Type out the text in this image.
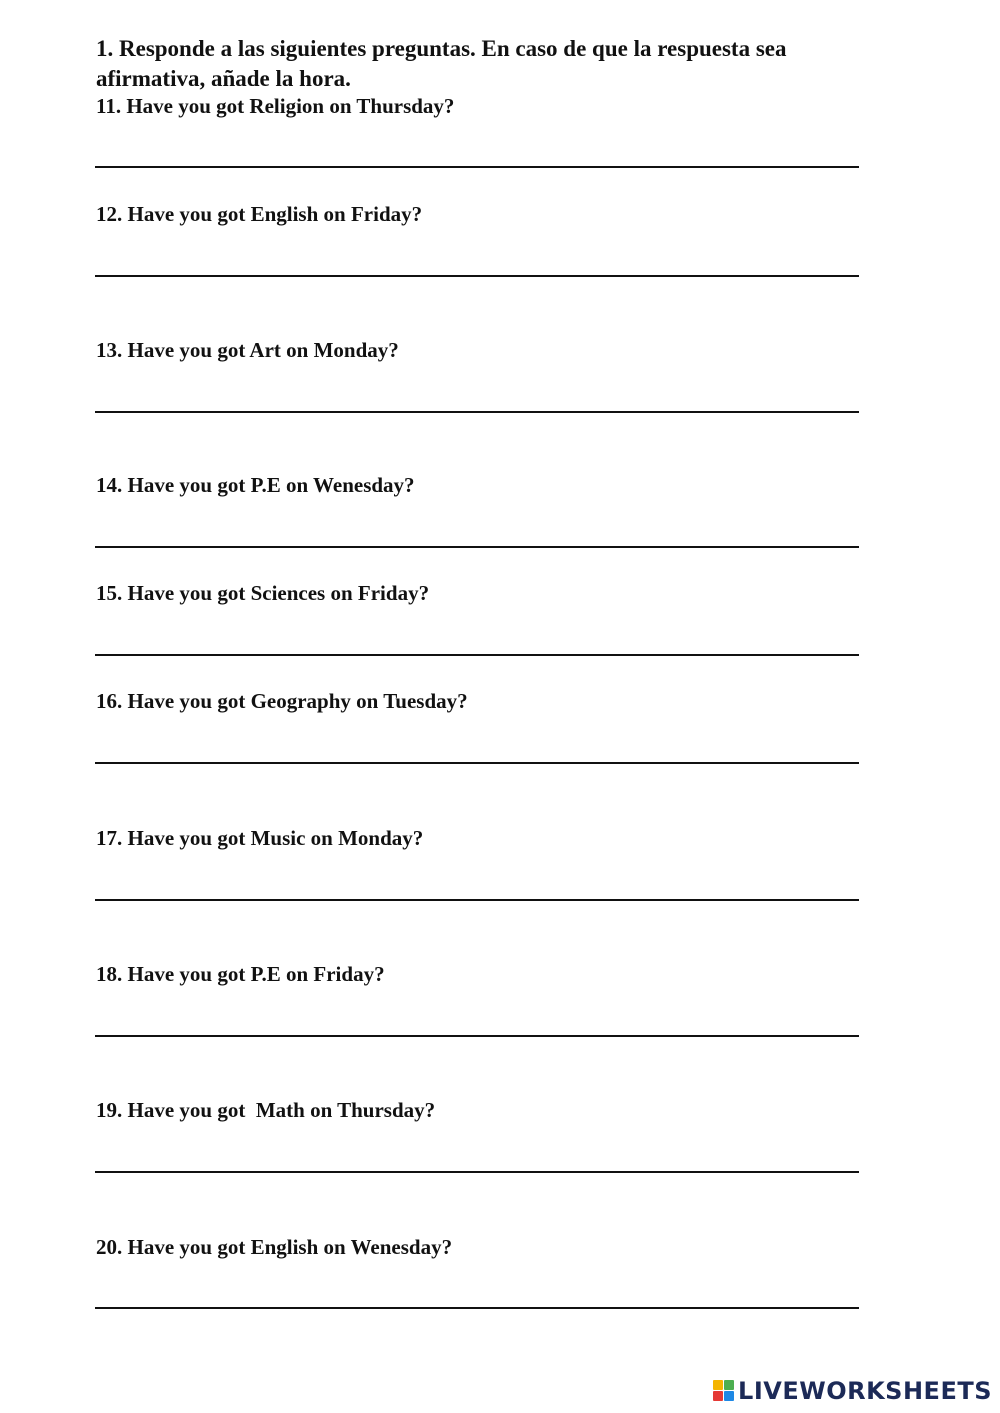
1. Responde a las siguientes preguntas. En caso de que la respuesta sea afirmativa, añade la hora.
11. Have you got Religion on Thursday?
12. Have you got English on Friday?
13. Have you got Art on Monday?
14. Have you got P.E on Wenesday?
15. Have you got Sciences on Friday?
16. Have you got Geography on Tuesday?
17. Have you got Music on Monday?
18. Have you got P.E on Friday?
19. Have you got  Math on Thursday?
20. Have you got English on Wenesday?
LIVEWORKSHEETS
